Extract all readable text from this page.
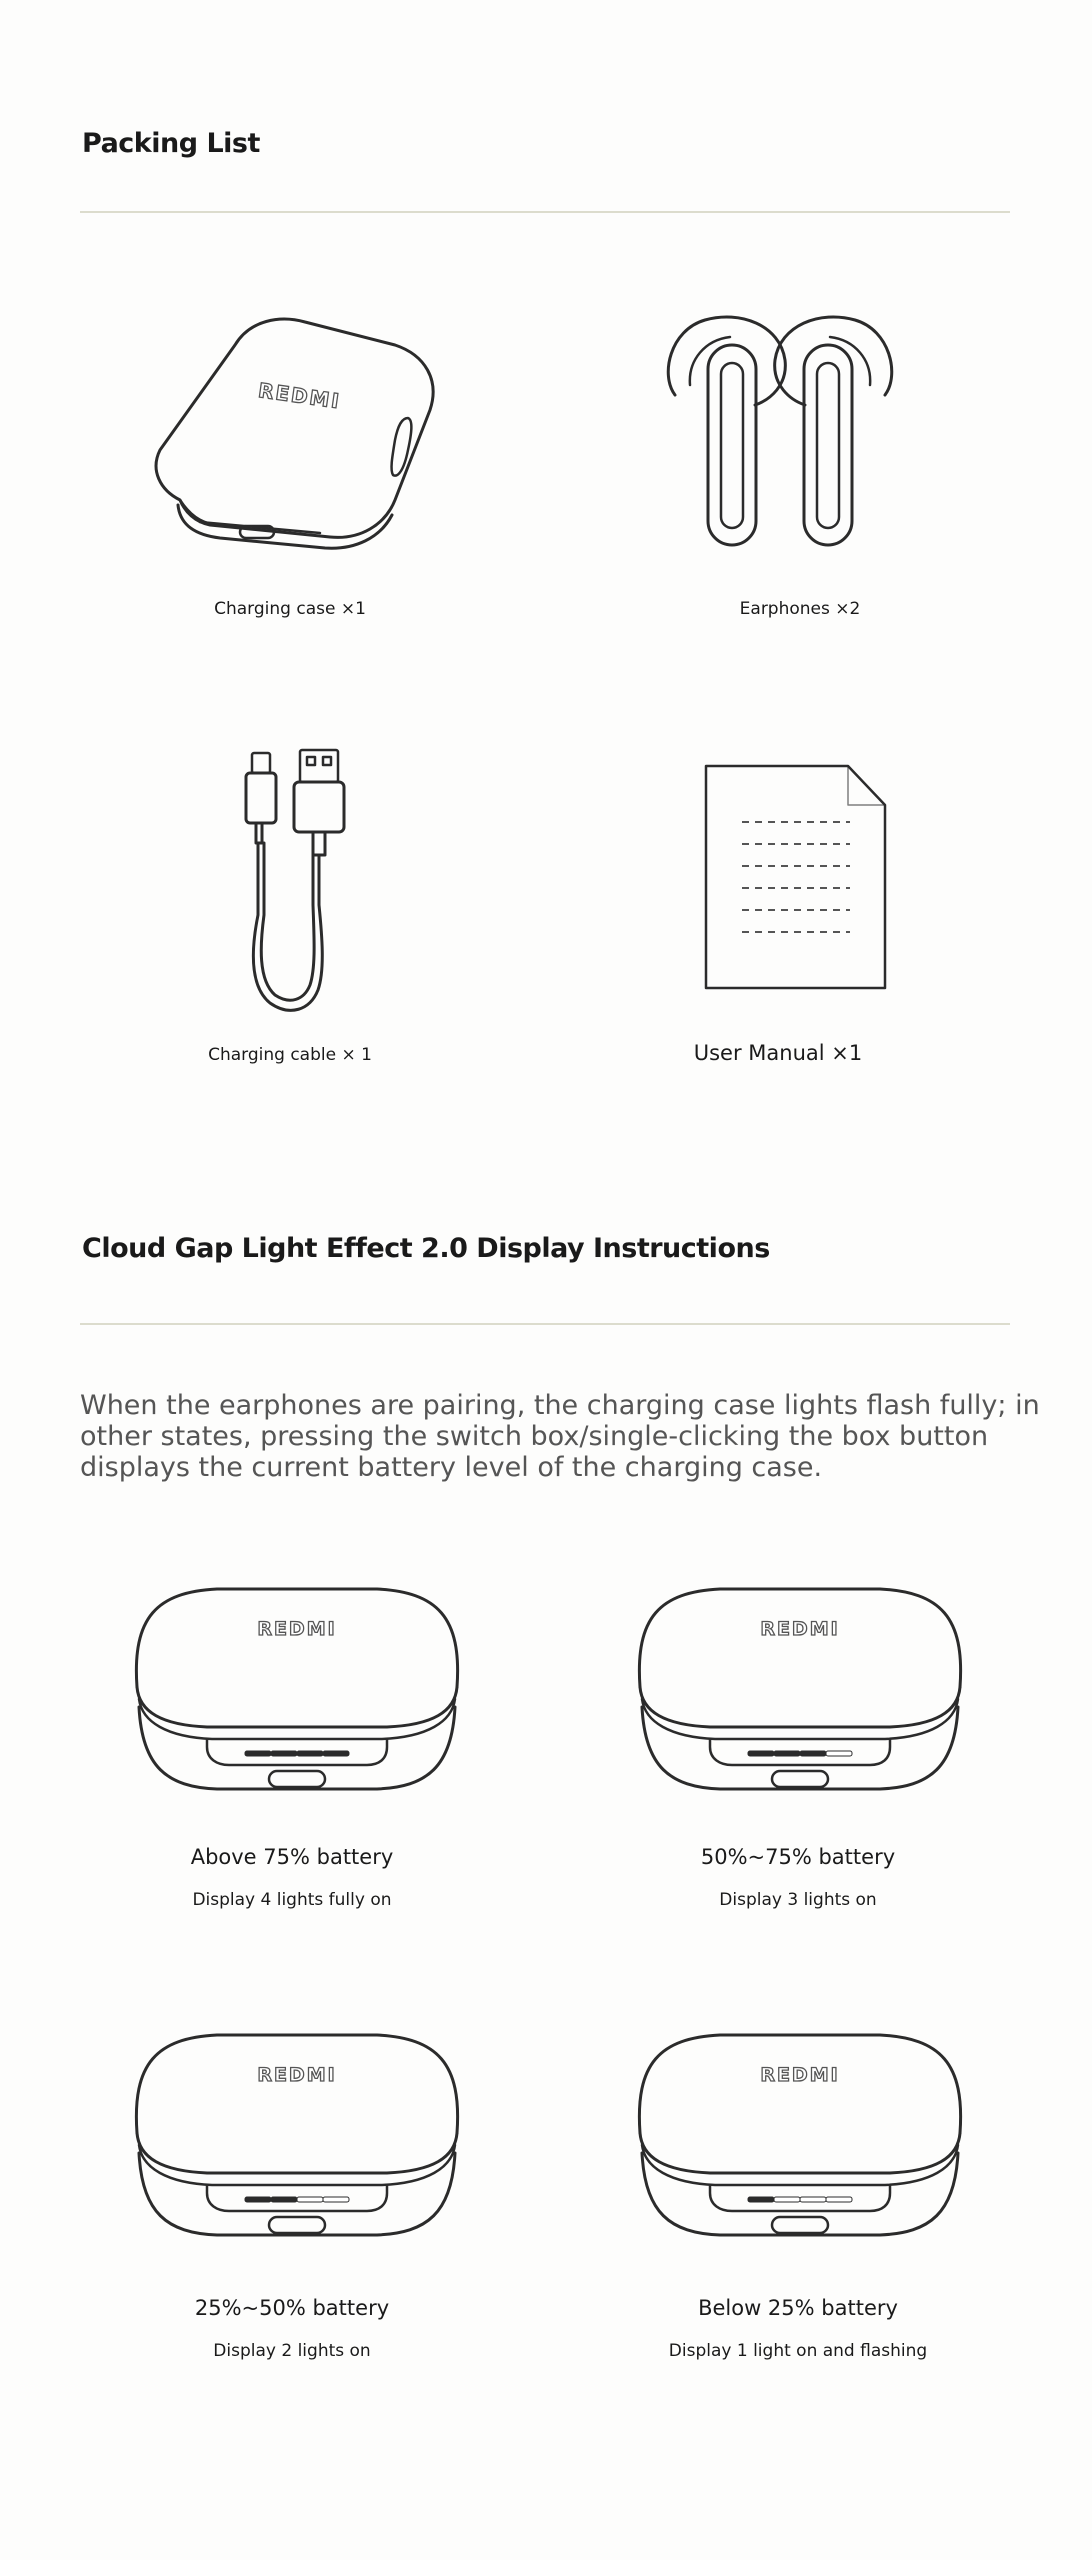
Packing List
REDMI
Charging case ×1	Earphones ×2
Charging cable × 1	User Manual ×1
Cloud Gap Light Effect 2.0 Display Instructions
When the earphones are pairing, the charging case lights flash fully; in other states, pressing the switch box/single-clicking the box button displays the current battery level of the charging case.
REDMI
Above 75% battery
Display 4 lights fully on
REDMI
50%~75% battery
Display 3 lights on
REDMI
25%~50% battery
Display 2 lights on
REDMI
Below 25% battery
Display 1 light on and flashing
